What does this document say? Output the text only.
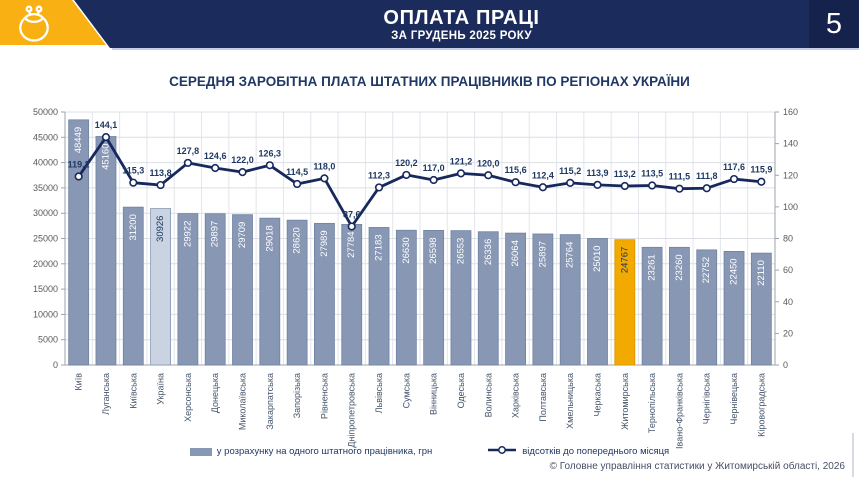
ОПЛАТА ПРАЦІ
ЗА ГРУДЕНЬ 2025 РОКУ	5
СЕРЕДНЯ ЗАРОБІТНА ПЛАТА ШТАТНИХ ПРАЦІВНИКІВ ПО РЕГІОНАХ УКРАЇНИ
0
5000
10000
15000
20000
25000
30000
35000
40000
45000
50000
0
20
40
60
80
100
120
140
160
48449
Київ
45160
Луганська
31200
Київська
30926
Україна
29922
Херсонська
29897
Донецька
29709
Миколаївська
29018
Закарпатська
28620
Запорізька
27989
Рівненська
27784
Дніпропетровська
27183
Львівська
26630
Сумська
26598
Вінницька
26553
Одеська
26336
Волинська
26064
Харківська
25897
Полтавська
25764
Хмельницька
25010
Черкаська
24767
Житомирська
23261
Тернопільська
23260
Івано-Франківська
22752
Чернігівська
22450
Чернівецька
22110
Кіровоградська
119,2
144,1
115,3 113,8
127,8
124,6 122,0
126,3
114,5
118,0
87,6
112,3
120,2
117,0
121,2 120,0
115,6
112,4 115,2 113,9 113,2 113,5 111,5 111,8
117,6 115,9
у розрахунку на одного штатного працівника, грн	відсотків до попереднього місяця
© Головне управління статистики у Житомирській області, 2026
